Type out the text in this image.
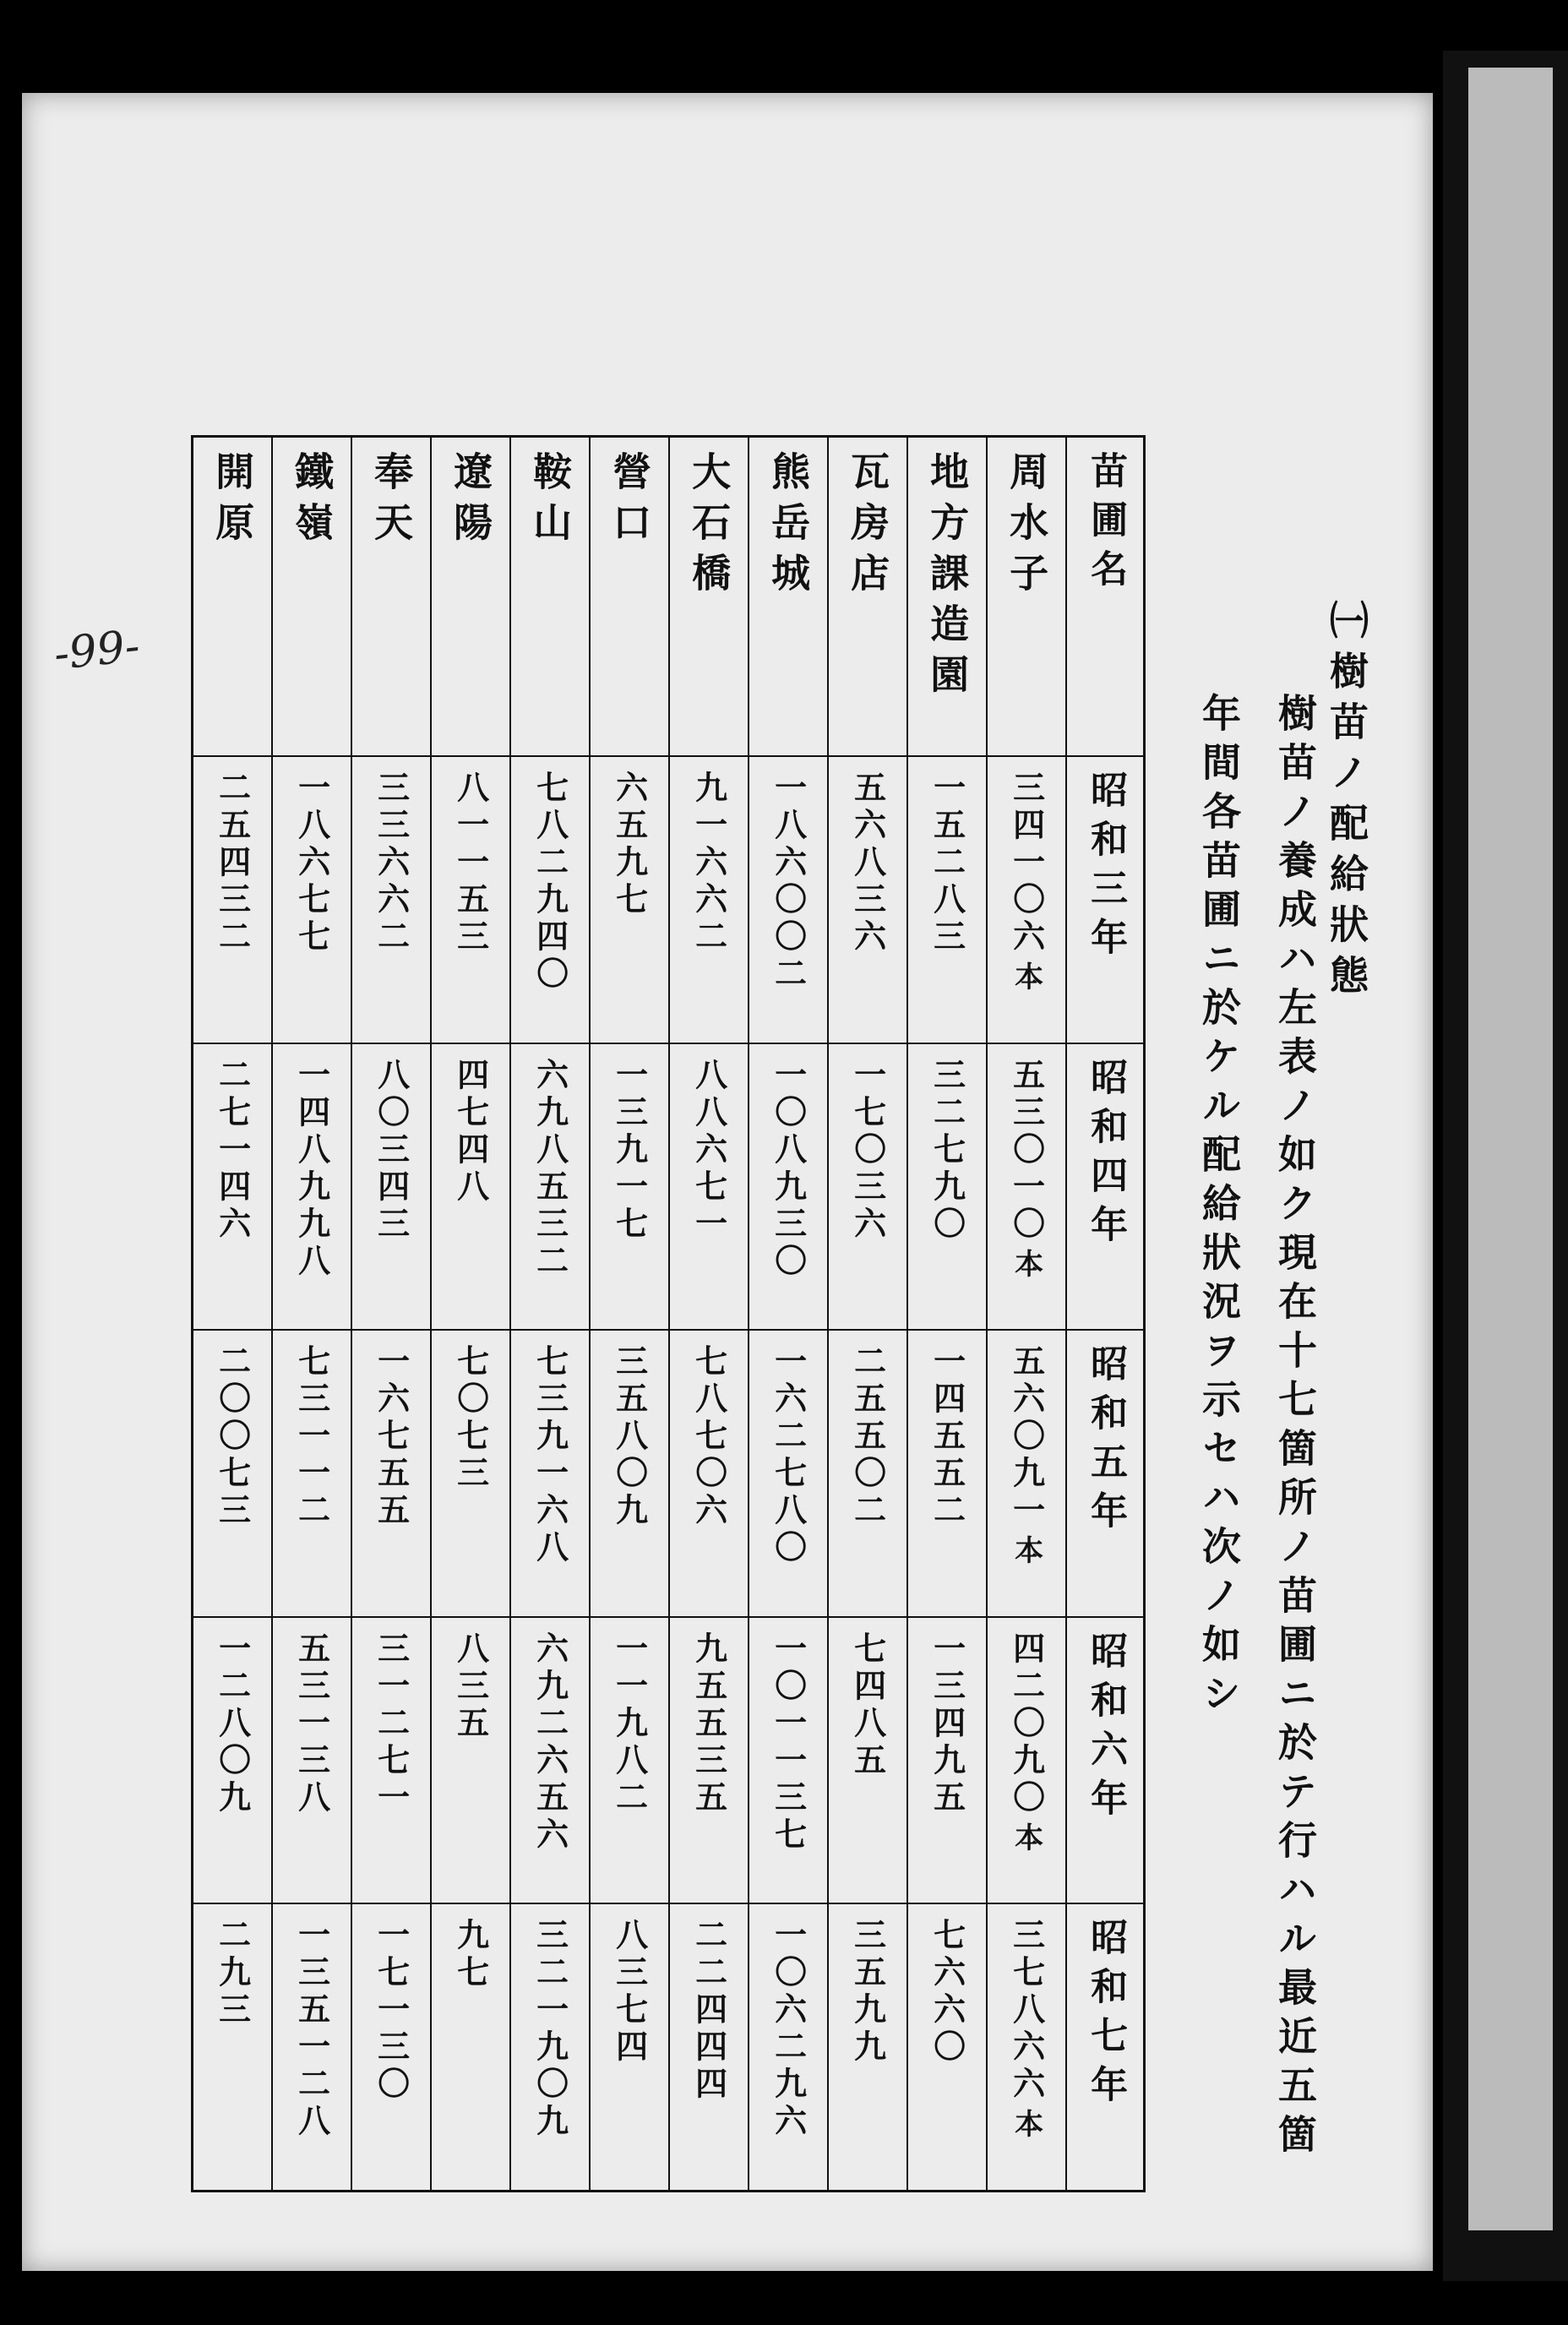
-99-	㈠樹苗ノ配給狀態
樹苗ノ養成ハ左表ノ如ク現在十七箇所ノ苗圃ニ於テ行ハル最近五箇年間各苗圃ニ於ケル配給狀況ヲ示セハ次ノ如シ
苗圃名	昭和三年	昭和四年	昭和五年	昭和六年	昭和七年
周水子	三四一〇六本	五三〇一〇本	五六〇九一本	四二〇九〇本	三七八六六本
地方課造園	一五二八三	三二七九〇	一四五五二	一三四九五	七六六〇
瓦房店	五六八三六	一七〇三六	二五五〇二	七四八五	三五九九
熊岳城	一八六〇〇二	一〇八九三〇	一六二七八〇	一〇一一三七	一〇六二九六
大石橋	九一六六二	八八六七一	七八七〇六	九五五三五	二二四四四
營口	六五九七	一三九一七	三五八〇九	一一九八二	八三七四
鞍山	七八二九四〇	六九八五三二	七三九一六八	六九二六五六	三二一九〇九
遼陽	八一一五三	四七四八	七〇七三	八三五	九七
奉天	三三六六二	八〇三四三	一六七五五	三一二七一	一七一三〇
鐵嶺	一八六七七	一四八九九八	七三一一二	五三一三八	一三五一二八
開原	二五四三二	二七一四六	二〇〇七三	一二八〇九	二九三
